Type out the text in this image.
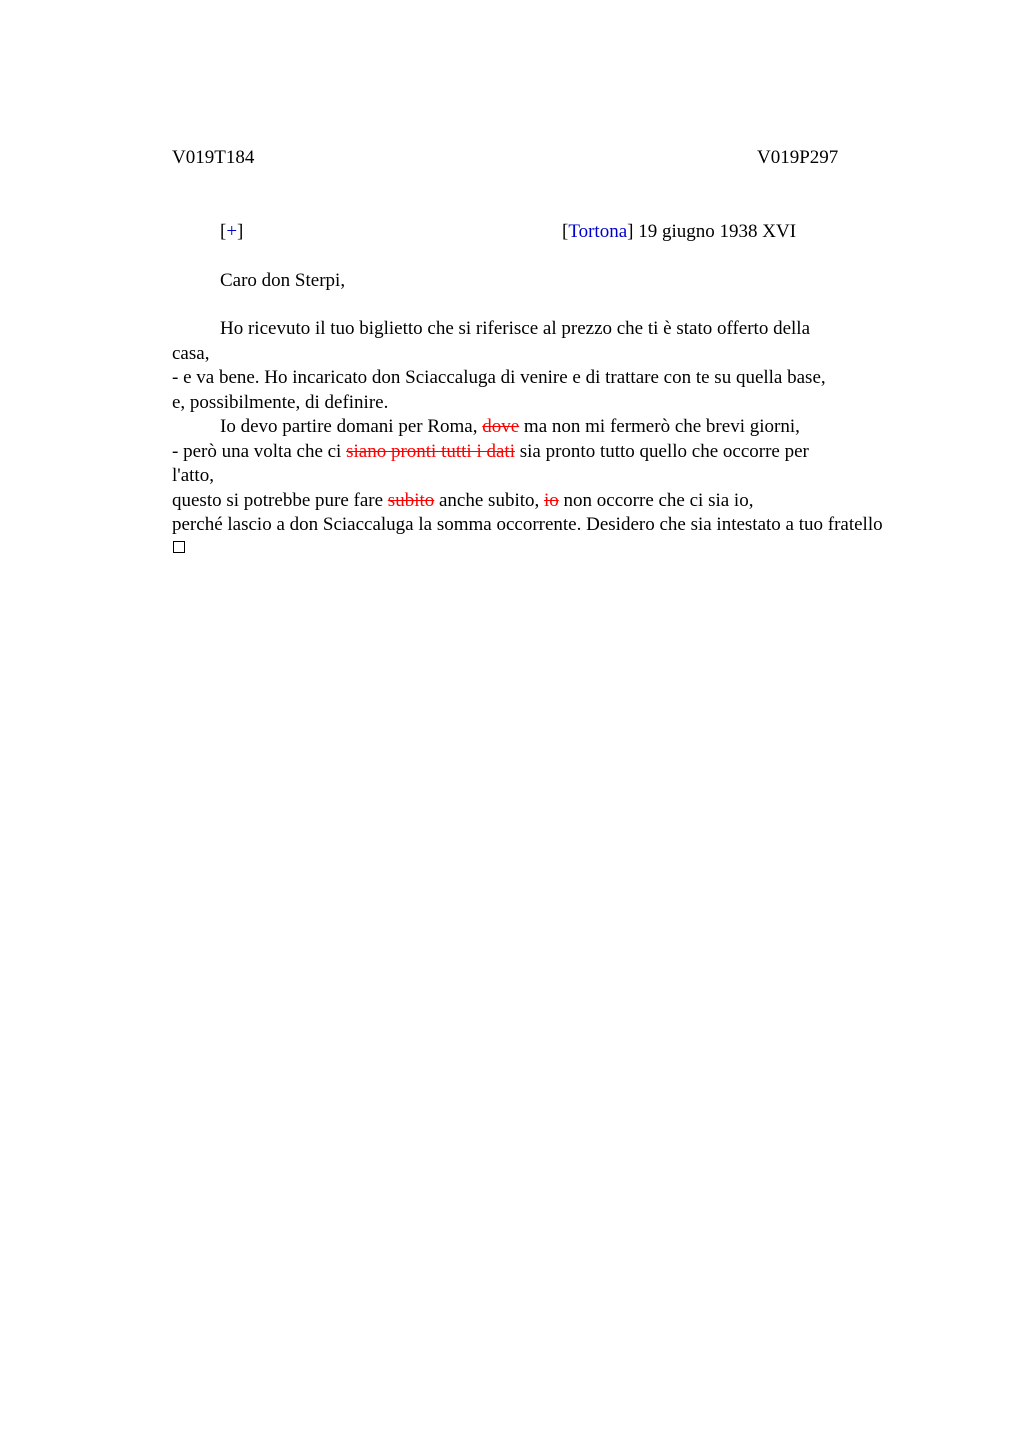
V019T184	V019P297
[+]	[Tortona] 19 giugno 1938 XVI
Caro don Sterpi,
Ho ricevuto il tuo biglietto che si riferisce al prezzo che ti è stato offerto della
casa,
- e va bene. Ho incaricato don Sciaccaluga di venire e di trattare con te su quella base,
e, possibilmente, di definire.
Io devo partire domani per Roma, dove ma non mi fermerò che brevi giorni,
- però una volta che ci siano pronti tutti i dati sia pronto tutto quello che occorre per
l'atto,
questo si potrebbe pure fare subito anche subito, io non occorre che ci sia io,
perché lascio a don Sciaccaluga la somma occorrente. Desidero che sia intestato a tuo fratello
